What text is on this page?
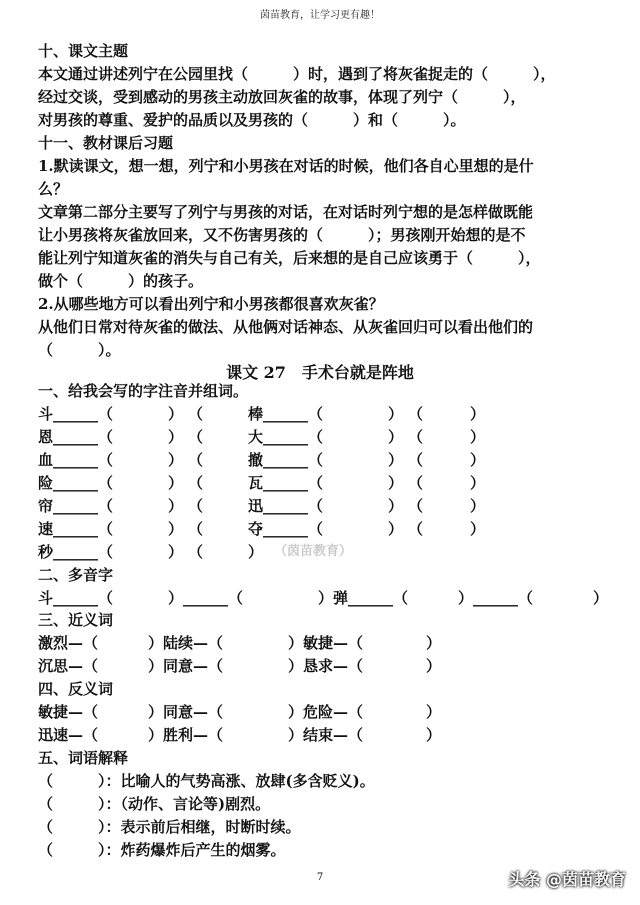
茵苗教育，让学习更有趣！
十、课文主题
本文通过讲述列宁在公园里找（　　　）时，遇到了将灰雀捉走的（　　　），
经过交谈，受到感动的男孩主动放回灰雀的故事，体现了列宁（　　　），
对男孩的尊重、爱护的品质以及男孩的（　　　）和（　　　）。
十一、教材课后习题
1.默读课文，想一想，列宁和小男孩在对话的时候，他们各自心里想的是什
么？
文章第二部分主要写了列宁与男孩的对话，在对话时列宁想的是怎样做既能
让小男孩将灰雀放回来，又不伤害男孩的（　　　）；男孩刚开始想的是不
能让列宁知道灰雀的消失与自己有关，后来想的是自己应该勇于（　　　），
做个（　　　）的孩子。
2.从哪些地方可以看出列宁和小男孩都很喜欢灰雀？
从他们日常对待灰雀的做法、从他俩对话神态、从灰雀回归可以看出他们的
（　　　）。
课文 27　手术台就是阵地
一、给我会写的字注音并组词。
斗______（	） （	棒______（	） （	）
恩______（	） （	大______（	） （	）
血______（	） （	撤______（	） （	）
险______（	） （	瓦______（	） （	）
帘______（	） （	迅______（	） （	）
速______（	） （	夺______（	） （	）
秒______（	） （	） （茵苗教育）
二、多音字
斗______（	）______（	）弹______（	）______（	）
三、近义词
激烈—（	）陆续—（	）敏捷—（	）
沉思—（	）同意—（	）恳求—（	）
四、反义词
敏捷—（	）同意—（	）危险—（	）
迅速—（	）胜利—（	）结束—（	）
五、词语解释
（　　　）：比喻人的气势高涨、放肆(多含贬义)。
（　　　）：（动作、言论等)剧烈。
（　　　）：表示前后相继，时断时续。
（　　　）：炸药爆炸后产生的烟雾。
7	头条 @茵苗教育
